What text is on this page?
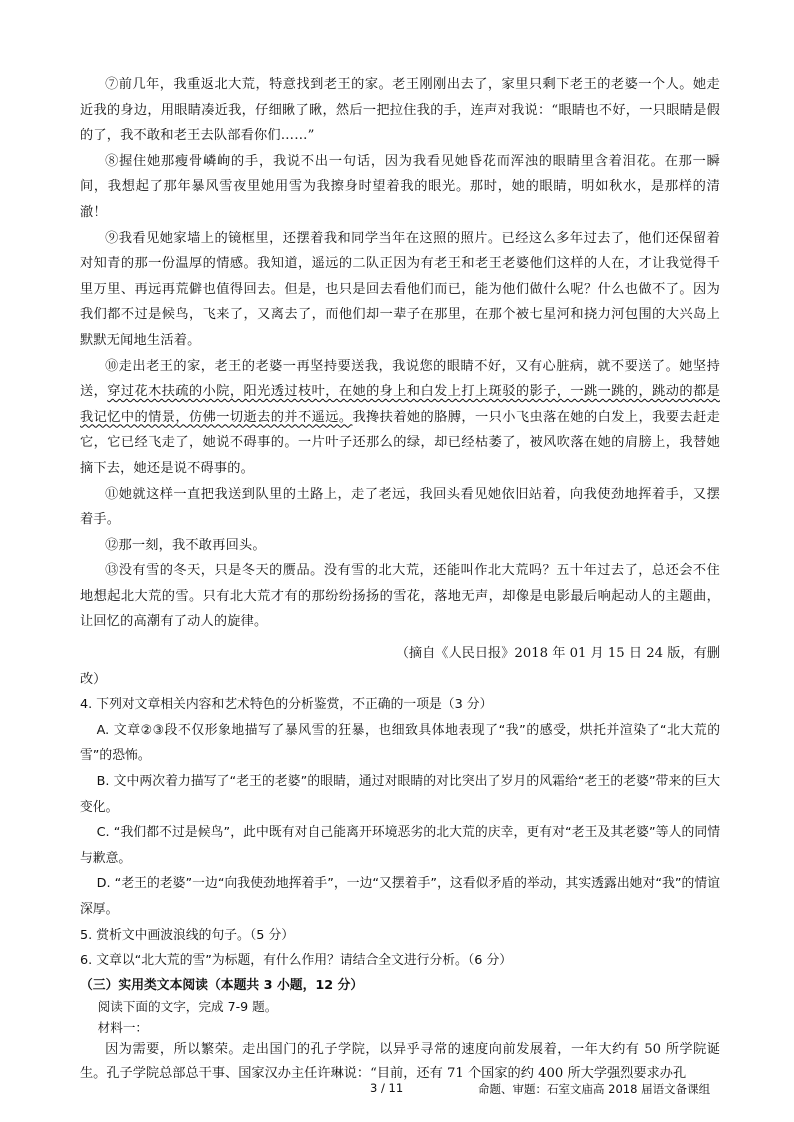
⑦前几年，我重返北大荒，特意找到老王的家。老王刚刚出去了，家里只剩下老王的老婆一个人。她走近我的身边，用眼睛凑近我，仔细瞅了瞅，然后一把拉住我的手，连声对我说：“眼睛也不好，一只眼睛是假的了，我不敢和老王去队部看你们……”

⑧握住她那瘦骨嶙峋的手，我说不出一句话，因为我看见她昏花而浑浊的眼睛里含着泪花。在那一瞬间，我想起了那年暴风雪夜里她用雪为我擦身时望着我的眼光。那时，她的眼睛，明如秋水，是那样的清澈！

⑨我看见她家墙上的镜框里，还摆着我和同学当年在这照的照片。已经这么多年过去了，他们还保留着对知青的那一份温厚的情感。我知道，遥远的二队正因为有老王和老王老婆他们这样的人在，才让我觉得千里万里、再远再荒僻也值得回去。但是，也只是回去看他们而已，能为他们做什么呢？什么也做不了。因为我们都不过是候鸟，飞来了，又离去了，而他们却一辈子在那里，在那个被七星河和挠力河包围的大兴岛上默默无闻地生活着。

⑩走出老王的家，老王的老婆一再坚持要送我，我说您的眼睛不好，又有心脏病，就不要送了。她坚持送，穿过花木扶疏的小院，阳光透过枝叶，在她的身上和白发上打上斑驳的影子，一跳一跳的，跳动的都是我记忆中的情景，仿佛一切逝去的并不遥远。我搀扶着她的胳膊，一只小飞虫落在她的白发上，我要去赶走它，它已经飞走了，她说不碍事的。一片叶子还那么的绿，却已经枯萎了，被风吹落在她的肩膀上，我替她摘下去，她还是说不碍事的。

⑪她就这样一直把我送到队里的土路上，走了老远，我回头看见她依旧站着，向我使劲地挥着手，又摆着手。

⑫那一刻，我不敢再回头。

⑬没有雪的冬天，只是冬天的赝品。没有雪的北大荒，还能叫作北大荒吗？五十年过去了，总还会不住地想起北大荒的雪。只有北大荒才有的那纷纷扬扬的雪花，落地无声，却像是电影最后响起动人的主题曲，让回忆的高潮有了动人的旋律。

（摘自《人民日报》2018 年 01 月 15 日 24 版，有删
改）

4. 下列对文章相关内容和艺术特色的分析鉴赏，不正确的一项是（3 分）

A. 文章②③段不仅形象地描写了暴风雪的狂暴，也细致具体地表现了“我”的感受，烘托并渲染了“北大荒的雪”的恐怖。

B. 文中两次着力描写了“老王的老婆”的眼睛，通过对眼睛的对比突出了岁月的风霜给“老王的老婆”带来的巨大变化。

C. “我们都不过是候鸟”，此中既有对自己能离开环境恶劣的北大荒的庆幸，更有对“老王及其老婆”等人的同情与歉意。

D. “老王的老婆”一边“向我使劲地挥着手”，一边“又摆着手”，这看似矛盾的举动，其实透露出她对“我”的情谊深厚。

5. 赏析文中画波浪线的句子。（5 分）

6. 文章以“北大荒的雪”为标题，有什么作用？请结合全文进行分析。（6 分）

（三）实用类文本阅读（本题共 3 小题，12 分）

阅读下面的文字，完成 7-9 题。

材料一：

因为需要，所以繁荣。走出国门的孔子学院，以异乎寻常的速度向前发展着，一年大约有 50 所学院诞生。孔子学院总部总干事、国家汉办主任许琳说：“目前，还有 71 个国家的约 400 所大学强烈要求办孔

3 / 11	命题、审题：石室文庙高 2018 届语文备课组
